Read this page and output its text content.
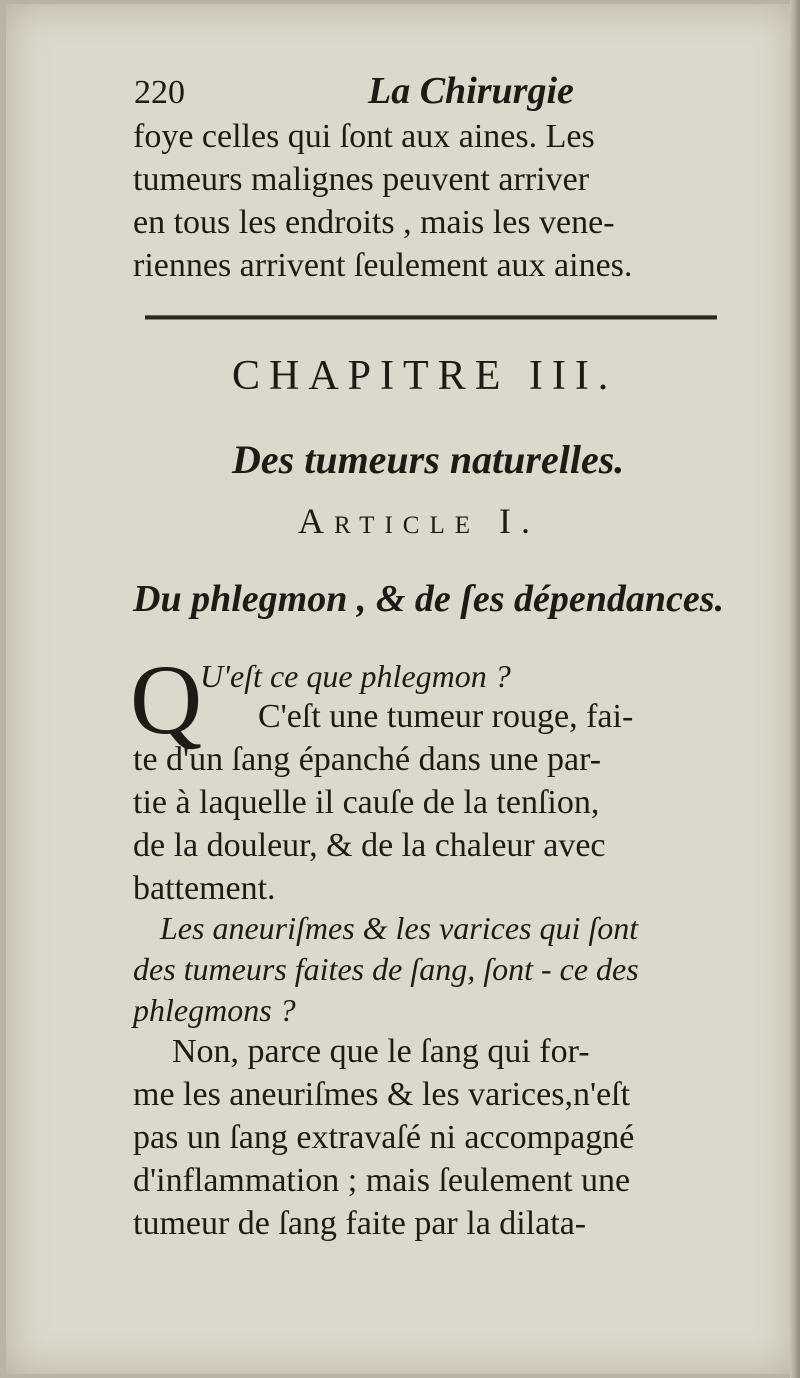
220	La Chirurgie
foye celles qui ſont aux aines. Les
tumeurs malignes peuvent arriver
en tous les endroits , mais les vene-
riennes arrivent ſeulement aux aines.
CHAPITRE III.
Des tumeurs naturelles.
Article I.
Du phlegmon , & de ſes dépendances.
Q
U'eſt ce que phlegmon ?
C'eſt une tumeur rouge, fai-
te d'un ſang épanché dans une par-
tie à laquelle il cauſe de la tenſion,
de la douleur, & de la chaleur avec
battement.
Les aneuriſmes & les varices qui ſont
des tumeurs faites de ſang, ſont - ce des
phlegmons ?
Non, parce que le ſang qui for-
me les aneuriſmes & les varices,n'eſt
pas un ſang extravaſé ni accompagné
d'inflammation ; mais ſeulement une
tumeur de ſang faite par la dilata-
